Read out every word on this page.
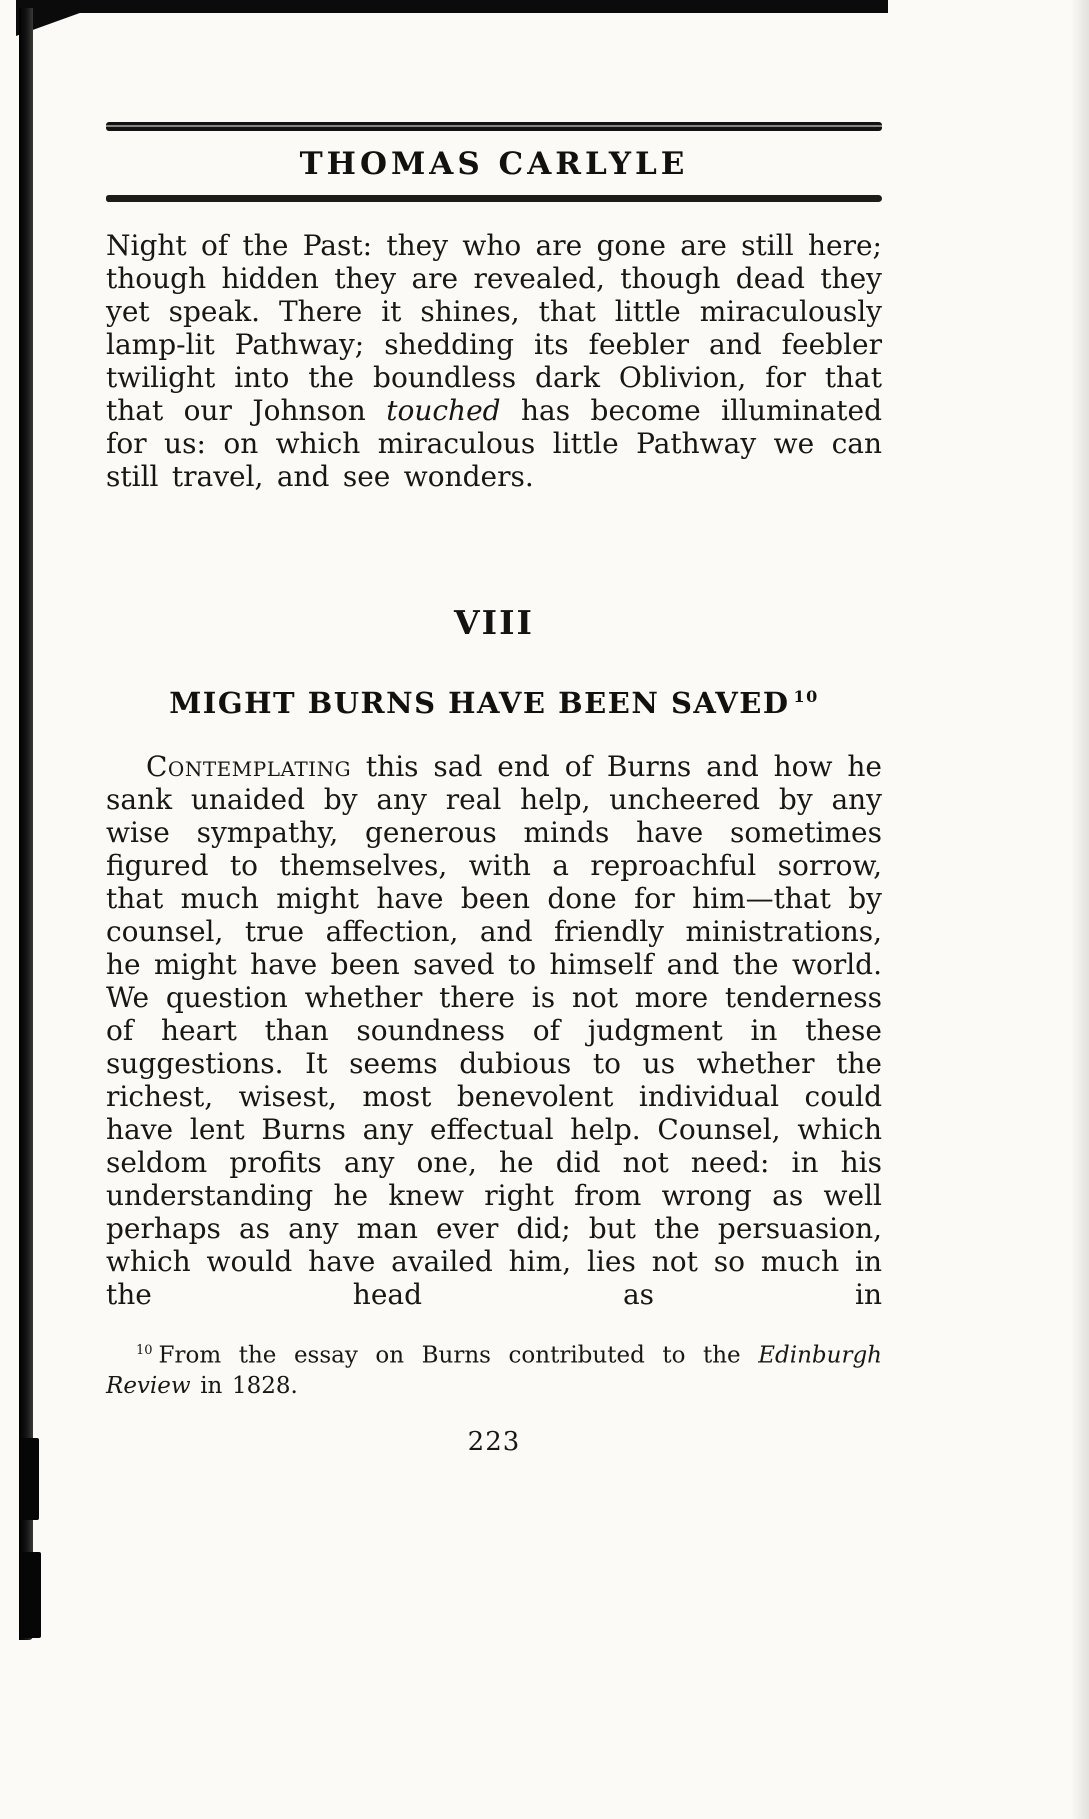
THOMAS CARLYLE

Night of the Past: they who are gone are still here; though hidden they are revealed, though dead they yet speak. There it shines, that little miraculously lamp-lit Pathway; shedding its feebler and feebler twilight into the boundless dark Oblivion, for that that our Johnson touched has become illuminated for us: on which miraculous little Pathway we can still travel, and see wonders.

VIII
MIGHT BURNS HAVE BEEN SAVED $^{10}$

Contemplating this sad end of Burns and how he sank unaided by any real help, uncheered by any wise sympathy, generous minds have sometimes figured to themselves, with a reproachful sorrow, that much might have been done for him—that by counsel, true affection, and friendly ministrations, he might have been saved to himself and the world. We question whether there is not more tenderness of heart than soundness of judgment in these suggestions. It seems dubious to us whether the richest, wisest, most benevolent individual could have lent Burns any effectual help. Counsel, which seldom profits any one, he did not need: in his understanding he knew right from wrong as well perhaps as any man ever did; but the persuasion, which would have availed him, lies not so much in the head as in

$^{10}$ From the essay on Burns contributed to the Edinburgh Review in 1828.

223
